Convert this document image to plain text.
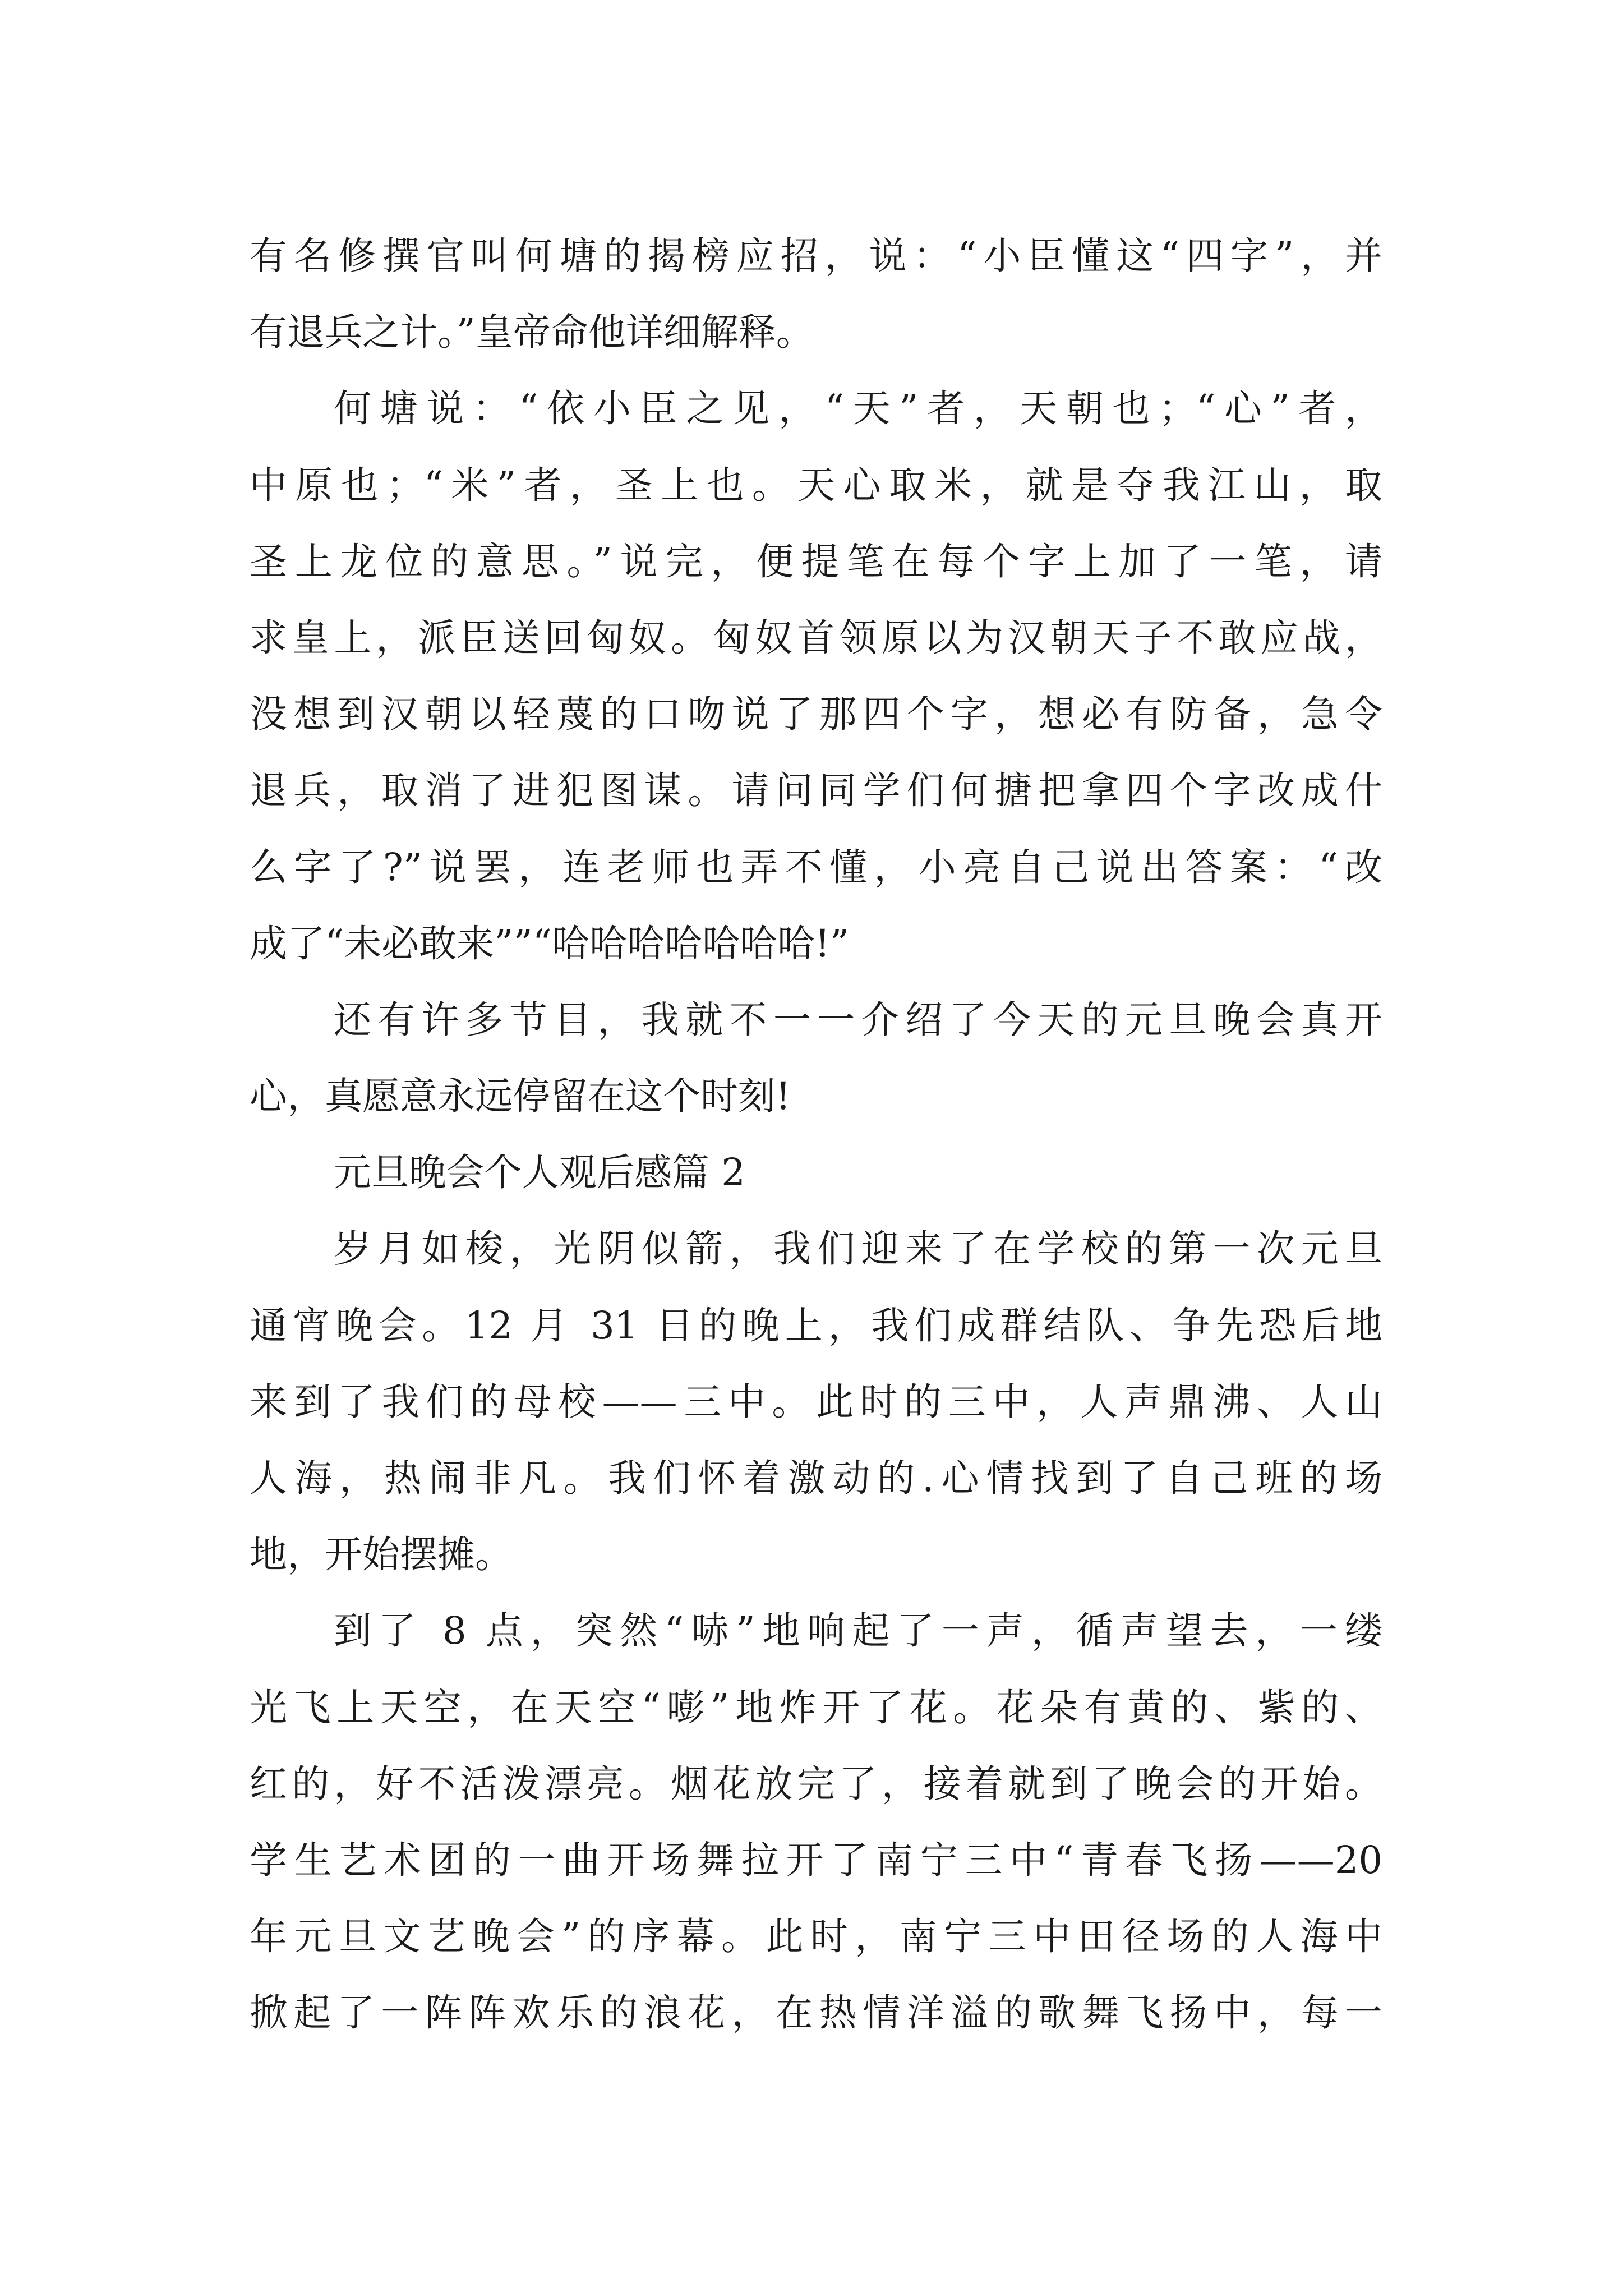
有名修撰官叫何塘的揭榜应招，说：“小臣懂这“四字”，并
有退兵之计。”皇帝命他详细解释。
何塘说：“依小臣之见，“天”者，天朝也；“心”者，
中原也；“米”者，圣上也。天心取米，就是夺我江山，取
圣上龙位的意思。”说完，便提笔在每个字上加了一笔，请
求皇上，派臣送回匈奴。匈奴首领原以为汉朝天子不敢应战，
没想到汉朝以轻蔑的口吻说了那四个字，想必有防备，急令
退兵，取消了进犯图谋。请问同学们何搪把拿四个字改成什
么字了?”说罢，连老师也弄不懂，小亮自己说出答案：“改
成了“未必敢来””“哈哈哈哈哈哈哈!”
还有许多节目，我就不一一介绍了今天的元旦晚会真开
心，真愿意永远停留在这个时刻!
元旦晚会个人观后感篇 2
岁月如梭，光阴似箭，我们迎来了在学校的第一次元旦
通宵晚会。12 月 31 日的晚上，我们成群结队、争先恐后地
来到了我们的母校——三中。此时的三中，人声鼎沸、人山
人海，热闹非凡。我们怀着激动的.心情找到了自己班的场
地，开始摆摊。
到了 8 点，突然“哧”地响起了一声，循声望去，一缕
光飞上天空，在天空“嘭”地炸开了花。花朵有黄的、紫的、
红的，好不活泼漂亮。烟花放完了，接着就到了晚会的开始。
学生艺术团的一曲开场舞拉开了南宁三中“青春飞扬——20
年元旦文艺晚会”的序幕。此时，南宁三中田径场的人海中
掀起了一阵阵欢乐的浪花，在热情洋溢的歌舞飞扬中，每一
